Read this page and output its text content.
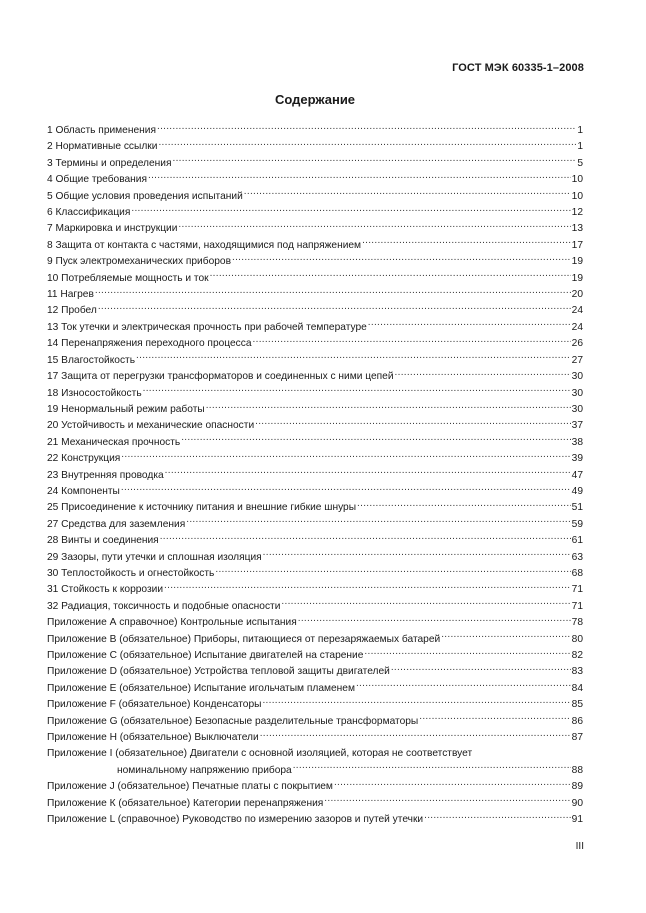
ГОСТ МЭК 60335-1–2008
Содержание
1 Область применения .....	1
2 Нормативные ссылки .....	1
3 Термины и определения .....	5
4 Общие требования .....	10
5 Общие условия проведения испытаний .....	10
6 Классификация .....	12
7 Маркировка и инструкции .....	13
8 Защита от контакта с частями, находящимися под напряжением .....	17
9 Пуск электромеханических приборов .....	19
10 Потребляемые мощность и ток .....	19
11 Нагрев .....	20
12 Пробел .....	24
13 Ток утечки и электрическая прочность при рабочей температуре .....	24
14 Перенапряжения переходного процесса .....	26
15 Влагостойкость .....	27
17 Защита от перегрузки трансформаторов и соединенных с ними цепей .....	30
18 Износостойкость .....	30
19 Ненормальный режим работы .....	30
20 Устойчивость и механические опасности .....	37
21 Механическая прочность .....	38
22 Конструкция .....	39
23 Внутренняя проводка .....	47
24 Компоненты .....	49
25 Присоединение к источнику питания и внешние гибкие шнуры .....	51
27 Средства для заземления .....	59
28 Винты и соединения .....	61
29 Зазоры, пути утечки и сплошная изоляция .....	63
30 Теплостойкость и огнестойкость .....	68
31 Стойкость к коррозии .....	71
32 Радиация, токсичность и подобные опасности .....	71
Приложение А справочное) Контрольные испытания .....	78
Приложение В (обязательное) Приборы, питающиеся от перезаряжаемых батарей .....	80
Приложение С (обязательное) Испытание двигателей на старение .....	82
Приложение D (обязательное) Устройства тепловой защиты двигателей .....	83
Приложение Е (обязательное) Испытание игольчатым пламенем .....	84
Приложение F (обязательное) Конденсаторы .....	85
Приложение G (обязательное) Безопасные разделительные трансформаторы .....	86
Приложение Н (обязательное) Выключатели .....	87
Приложение I (обязательное) Двигатели с основной изоляцией, которая не соответствует
номинальному напряжению прибора .....	88
Приложение J (обязательное) Печатные платы с покрытием .....	89
Приложение К (обязательное) Категории перенапряжения .....	90
Приложение L (справочное) Руководство по измерению зазоров и путей утечки .....	91
III
